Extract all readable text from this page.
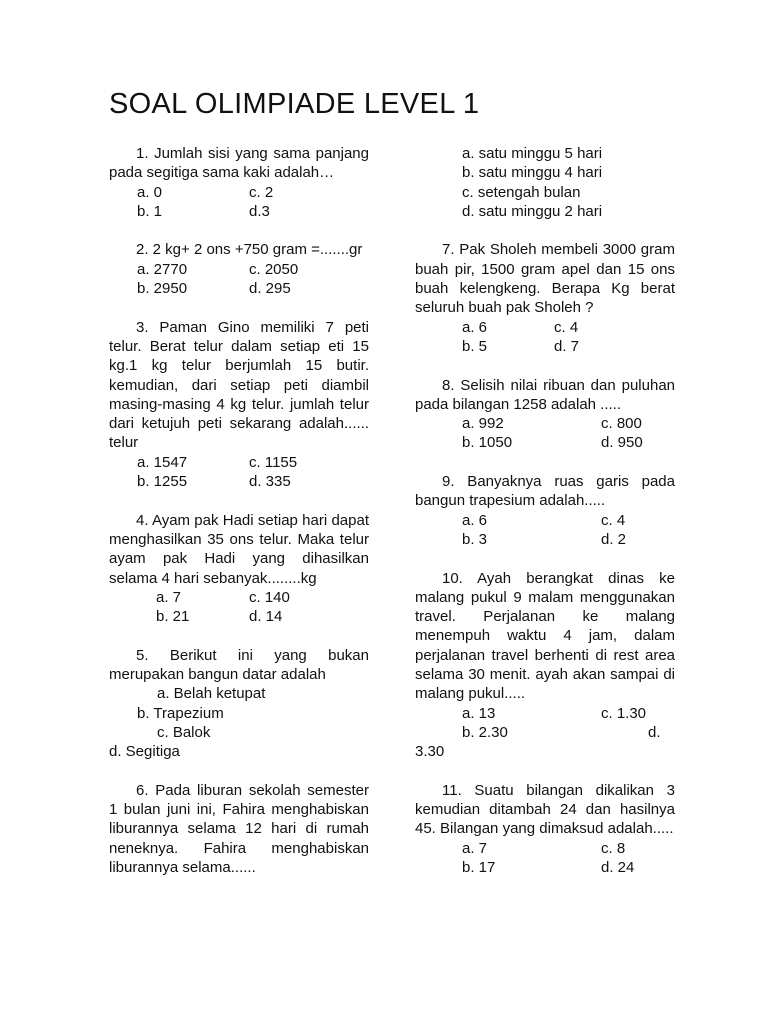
SOAL OLIMPIADE LEVEL 1

1. Jumlah sisi yang sama panjang pada segitiga sama kaki adalah…

a. 0	c. 2
b. 1	d.3

2. 2 kg+ 2 ons +750 gram =.......gr

a. 2770	c. 2050
b. 2950	d. 295

3. Paman Gino memiliki 7 peti telur. Berat telur dalam setiap eti 15 kg.1 kg telur berjumlah 15 butir. kemudian, dari setiap peti diambil masing-masing 4 kg telur. jumlah telur dari ketujuh peti sekarang adalah...... telur

a. 1547	c. 1155
b. 1255	d. 335

4. Ayam pak Hadi setiap hari dapat menghasilkan 35 ons telur. Maka telur ayam pak Hadi yang dihasilkan selama 4 hari sebanyak........kg

a. 7	c. 140
b. 21	d. 14

5. Berikut ini yang bukan merupakan bangun datar adalah

a. Belah ketupat
b. Trapezium
c. Balok
d. Segitiga

6. Pada liburan sekolah semester 1 bulan juni ini, Fahira menghabiskan liburannya selama 12 hari di rumah neneknya. Fahira menghabiskan liburannya selama......

a. satu minggu 5 hari
b. satu minggu 4 hari
c. setengah bulan
d. satu minggu 2 hari

7. Pak Sholeh membeli 3000 gram buah pir, 1500 gram apel dan 15 ons buah kelengkeng. Berapa Kg berat seluruh buah pak Sholeh ?

a. 6	c. 4
b. 5	d. 7

8. Selisih nilai ribuan dan puluhan pada bilangan 1258 adalah .....

a. 992	c. 800
b. 1050	d. 950

9. Banyaknya ruas garis pada bangun trapesium adalah.....

a. 6	c. 4
b. 3	d. 2

10. Ayah berangkat dinas ke malang pukul 9 malam menggunakan travel. Perjalanan ke malang menempuh waktu 4 jam, dalam perjalanan travel berhenti di rest area selama 30 menit. ayah akan sampai di malang pukul.....

a. 13	c. 1.30
b. 2.30	d.
3.30

11. Suatu bilangan dikalikan 3 kemudian ditambah 24 dan hasilnya 45. Bilangan yang dimaksud adalah.....

a. 7	c. 8
b. 17	d. 24
